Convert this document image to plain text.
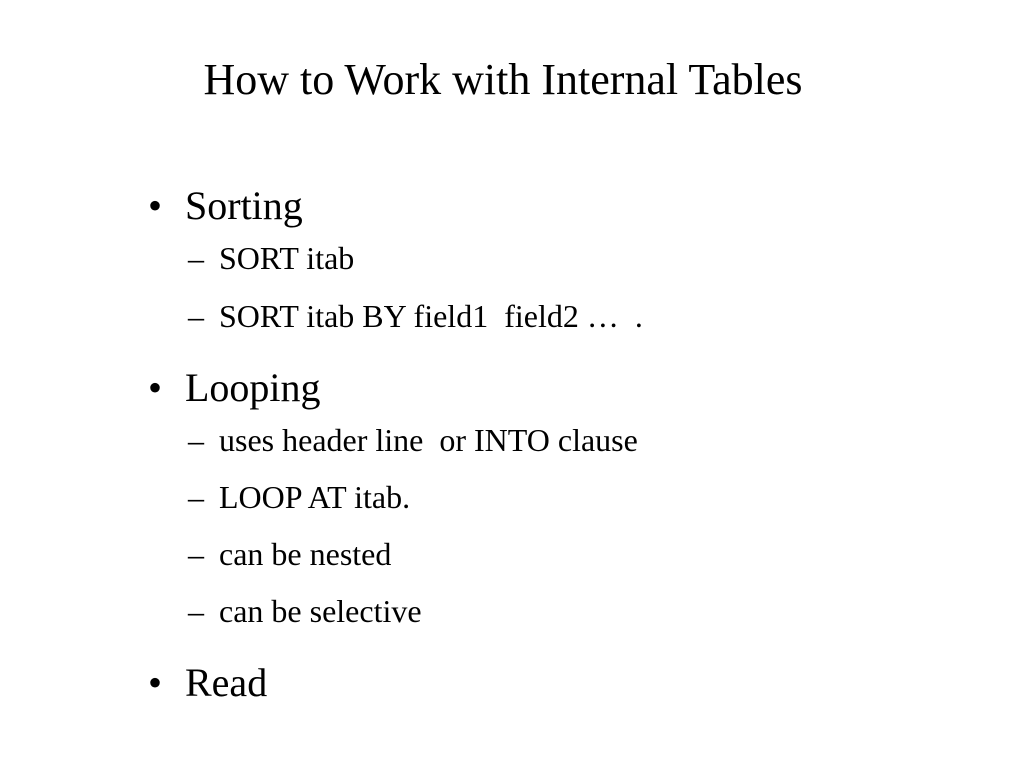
How to Work with Internal Tables

• Sorting

– SORT itab

– SORT itab BY field1  field2 …  .

• Looping

– uses header line  or INTO clause

– LOOP AT itab.

– can be nested

– can be selective

• Read
